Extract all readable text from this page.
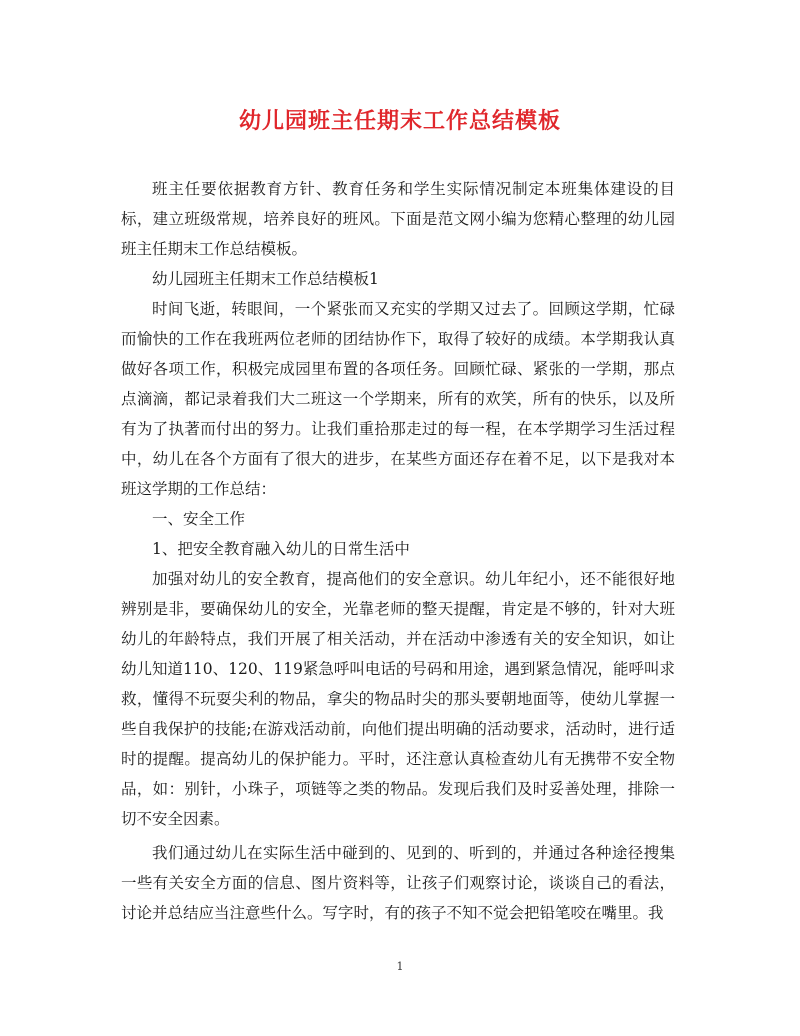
幼儿园班主任期末工作总结模板

班主任要依据教育方针、教育任务和学生实际情况制定本班集体建设的目标，建立班级常规，培养良好的班风。下面是范文网小编为您精心整理的幼儿园班主任期末工作总结模板。

幼儿园班主任期末工作总结模板1

时间飞逝，转眼间，一个紧张而又充实的学期又过去了。回顾这学期，忙碌而愉快的工作在我班两位老师的团结协作下，取得了较好的成绩。本学期我认真做好各项工作，积极完成园里布置的各项任务。回顾忙碌、紧张的一学期，那点点滴滴，都记录着我们大二班这一个学期来，所有的欢笑，所有的快乐，以及所有为了执著而付出的努力。让我们重拾那走过的每一程，在本学期学习生活过程中，幼儿在各个方面有了很大的进步，在某些方面还存在着不足，以下是我对本班这学期的工作总结：

一、安全工作

1、把安全教育融入幼儿的日常生活中

加强对幼儿的安全教育，提高他们的安全意识。幼儿年纪小，还不能很好地辨别是非，要确保幼儿的安全，光靠老师的整天提醒，肯定是不够的，针对大班幼儿的年龄特点，我们开展了相关活动，并在活动中渗透有关的安全知识，如让幼儿知道110、120、119紧急呼叫电话的号码和用途，遇到紧急情况，能呼叫求救，懂得不玩耍尖利的物品，拿尖的物品时尖的那头要朝地面等，使幼儿掌握一些自我保护的技能;在游戏活动前，向他们提出明确的活动要求，活动时，进行适时的提醒。提高幼儿的保护能力。平时，还注意认真检查幼儿有无携带不安全物品，如：别针，小珠子，项链等之类的物品。发现后我们及时妥善处理，排除一切不安全因素。

我们通过幼儿在实际生活中碰到的、见到的、听到的，并通过各种途径搜集一些有关安全方面的信息、图片资料等，让孩子们观察讨论，谈谈自己的看法，讨论并总结应当注意些什么。写字时，有的孩子不知不觉会把铅笔咬在嘴里。我

1
